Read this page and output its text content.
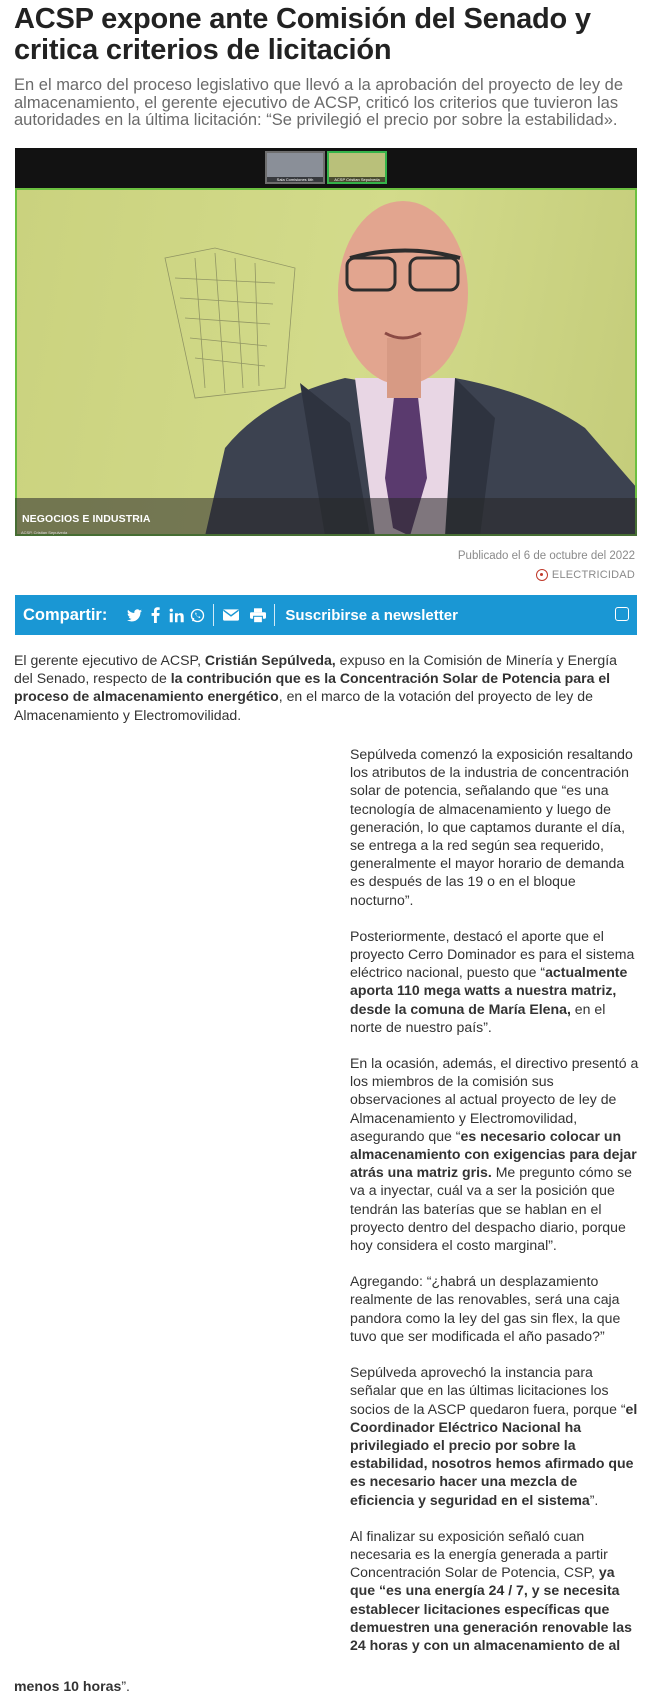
ACSP expone ante Comisión del Senado y critica criterios de licitación

En el marco del proceso legislativo que llevó a la aprobación del proyecto de ley de almacenamiento, el gerente ejecutivo de ACSP, criticó los criterios que tuvieron las autoridades en la última licitación: “Se privilegió el precio por sobre la estabilidad».

Sala Comisiones 6th	ACSP Cristian Sepulveda
NEGOCIOS E INDUSTRIA
ACSP, Cristian Sepulveda
Publicado el 6 de octubre del 2022
ELECTRICIDAD
Compartir:	Suscribirse a newsletter

El gerente ejecutivo de ACSP, Cristián Sepúlveda, expuso en la Comisión de Minería y Energía del Senado, respecto de la contribución que es la Concentración Solar de Potencia para el proceso de almacenamiento energético, en el marco de la votación del proyecto de ley de Almacenamiento y Electromovilidad.

Sepúlveda comenzó la exposición resaltando los atributos de la industria de concentración solar de potencia, señalando que “es una tecnología de almacenamiento y luego de generación, lo que captamos durante el día, se entrega a la red según sea requerido, generalmente el mayor horario de demanda es después de las 19 o en el bloque nocturno”.

Posteriormente, destacó el aporte que el proyecto Cerro Dominador es para el sistema eléctrico nacional, puesto que “actualmente aporta 110 mega watts a nuestra matriz, desde la comuna de María Elena, en el norte de nuestro país”.

En la ocasión, además, el directivo presentó a los miembros de la comisión sus observaciones al actual proyecto de ley de Almacenamiento y Electromovilidad, asegurando que “es necesario colocar un almacenamiento con exigencias para dejar atrás una matriz gris. Me pregunto cómo se va a inyectar, cuál va a ser la posición que tendrán las baterías que se hablan en el proyecto dentro del despacho diario, porque hoy considera el costo marginal”.

Agregando: “¿habrá un desplazamiento realmente de las renovables, será una caja pandora como la ley del gas sin flex, la que tuvo que ser modificada el año pasado?”

Sepúlveda aprovechó la instancia para señalar que en las últimas licitaciones los socios de la ASCP quedaron fuera, porque “el Coordinador Eléctrico Nacional ha privilegiado el precio por sobre la estabilidad, nosotros hemos afirmado que es necesario hacer una mezcla de eficiencia y seguridad en el sistema”.

Al finalizar su exposición señaló cuan necesaria es la energía generada a partir Concentración Solar de Potencia, CSP, ya que “es una energía 24 / 7, y se necesita establecer licitaciones específicas que demuestren una generación renovable las 24 horas y con un almacenamiento de al

menos 10 horas”.
